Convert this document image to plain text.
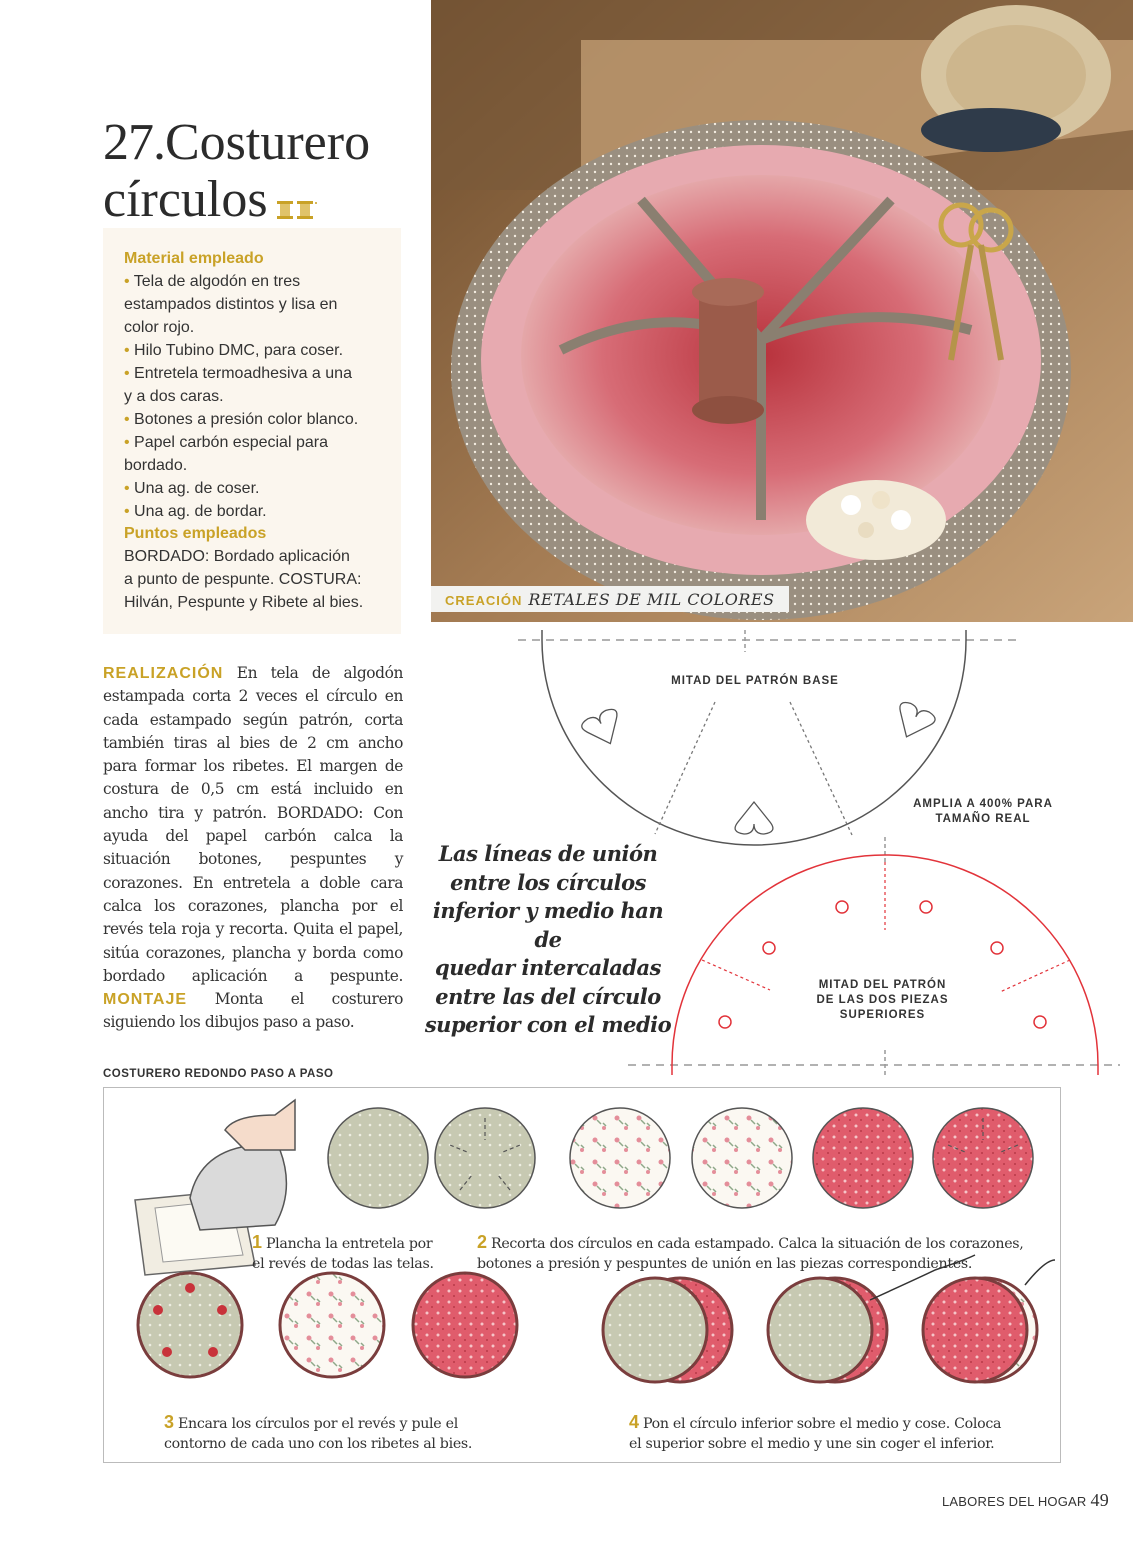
CREACIÓN RETALES DE MIL COLORES
27.Costurero
círculos
Material empleado
• Tela de algodón en tres
estampados distintos y lisa en
color rojo.
• Hilo Tubino DMC, para coser.
• Entretela termoadhesiva a una
y a dos caras.
• Botones a presión color blanco.
• Papel carbón especial para
bordado.
• Una ag. de coser.
• Una ag. de bordar.
Puntos empleados
BORDADO: Bordado aplicación
a punto de pespunte. COSTURA:
Hilván, Pespunte y Ribete al bies.
REALIZACIÓN En tela de algodón estampada corta 2 veces el círculo en cada estampado según patrón, corta también tiras al bies de 2 cm ancho para formar los ribetes. El margen de costura de 0,5 cm está incluido en ancho tira y patrón. BORDADO: Con ayuda del papel carbón calca la situación botones, pespuntes y corazones. En entretela a doble cara calca los corazones, plancha por el revés tela roja y recorta. Quita el papel, sitúa corazones, plancha y borda como bordado aplicación a pespunte. MONTAJE Monta el costurero siguiendo los dibujos paso a paso.
MITAD DEL PATRÓN BASE
AMPLIA A 400% PARA
TAMAÑO REAL
MITAD DEL PATRÓN
DE LAS DOS PIEZAS
SUPERIORES
Las líneas de unión
entre los círculos
inferior y medio han de
quedar intercaladas
entre las del círculo
superior con el medio
COSTURERO REDONDO PASO A PASO
1 Plancha la entretela por
el revés de todas las telas.
2 Recorta dos círculos en cada estampado. Calca la situación de los corazones,
botones a presión y pespuntes de unión en las piezas correspondientes.
3 Encara los círculos por el revés y pule el
contorno de cada uno con los ribetes al bies.
4 Pon el círculo inferior sobre el medio y cose. Coloca
el superior sobre el medio y une sin coger el inferior.
LABORES DEL HOGAR 49
